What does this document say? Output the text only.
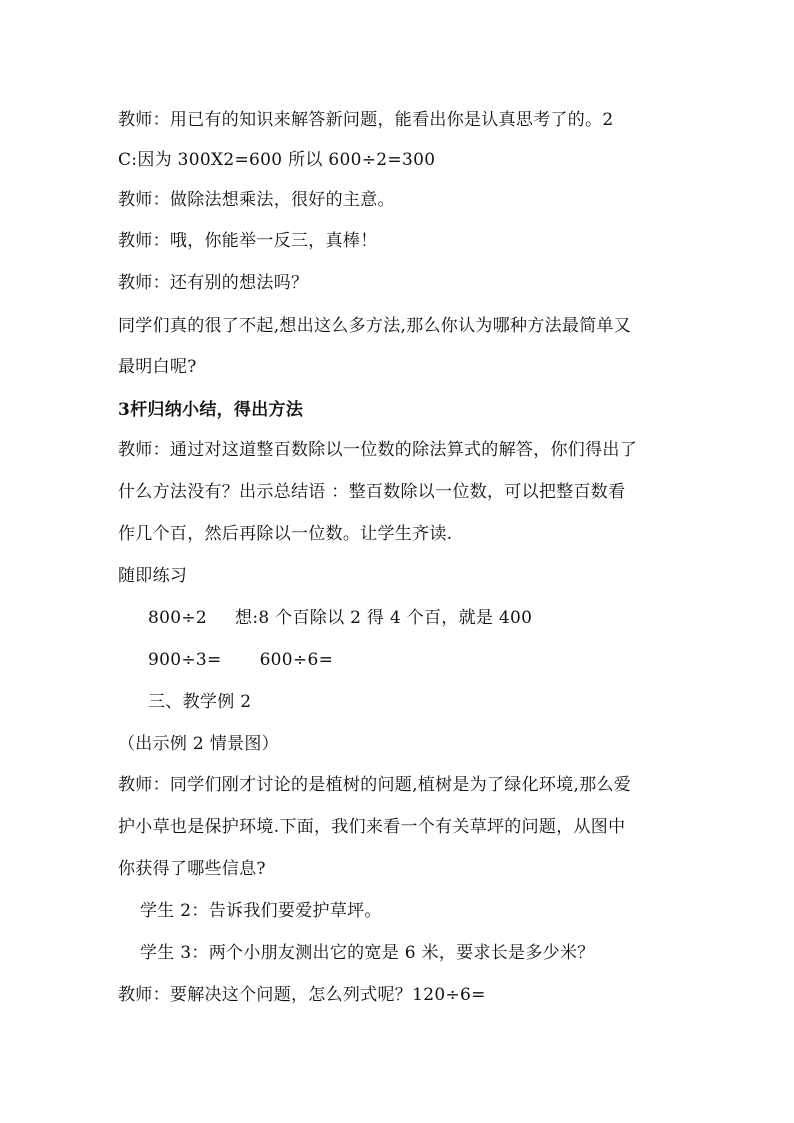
教师：用已有的知识来解答新问题，能看出你是认真思考了的。2
C:因为 300X2=600 所以 600÷2=300
教师：做除法想乘法，很好的主意。
教师：哦，你能举一反三，真棒！
教师：还有别的想法吗？
同学们真的很了不起,想出这么多方法,那么你认为哪种方法最简单又
最明白呢?
3杆归纳小结，得出方法
教师：通过对这道整百数除以一位数的除法算式的解答，你们得出了
什么方法没有？出示总结语 ：整百数除以一位数，可以把整百数看
作几个百，然后再除以一位数。让学生齐读.
随即练习
800÷2 想:8 个百除以 2 得 4 个百，就是 400
900÷3= 600÷6=
三、教学例 2
（出示例 2 情景图）
教师：同学们刚才讨论的是植树的问题,植树是为了绿化环境,那么爱
护小草也是保护环境.下面，我们来看一个有关草坪的问题，从图中
你获得了哪些信息?
学生 2：告诉我们要爱护草坪。
学生 3：两个小朋友测出它的宽是 6 米，要求长是多少米？
教师：要解决这个问题，怎么列式呢？120÷6=
